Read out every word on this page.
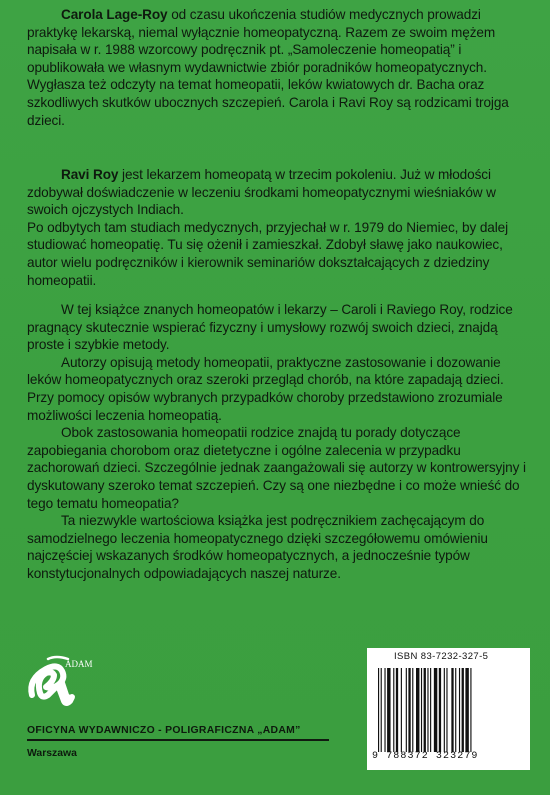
Carola Lage-Roy od czasu ukończenia studiów medycznych prowadzi praktykę lekarską, niemal wyłącznie homeopatyczną. Razem ze swoim mężem napisała w r. 1988 wzorcowy podręcznik pt. „Samoleczenie homeopatią” i opublikowała we własnym wydawnictwie zbiór poradników homeopatycznych. Wygłasza też odczyty na temat homeopatii, leków kwiatowych dr. Bacha oraz szkodliwych skutków ubocznych szczepień. Carola i Ravi Roy są rodzicami trojga dzieci.

Ravi Roy jest lekarzem homeopatą w trzecim pokoleniu. Już w młodości zdobywał doświadczenie w leczeniu środkami homeopatycznymi wieśniaków w swoich ojczystych Indiach.

Po odbytych tam studiach medycznych, przyjechał w r. 1979 do Niemiec, by dalej studiować homeopatię. Tu się ożenił i zamieszkał. Zdobył sławę jako naukowiec, autor wielu podręczników i kierownik seminariów dokształcających z dziedziny homeopatii.

W tej książce znanych homeopatów i lekarzy – Caroli i Raviego Roy, rodzice pragnący skutecznie wspierać fizyczny i umysłowy rozwój swoich dzieci, znajdą proste i szybkie metody.

Autorzy opisują metody homeopatii, praktyczne zastosowanie i dozowanie leków homeopatycznych oraz szeroki przegląd chorób, na które zapadają dzieci. Przy pomocy opisów wybranych przypadków choroby przedstawiono zrozumiale możliwości leczenia homeopatią.

Obok zastosowania homeopatii rodzice znajdą tu porady dotyczące zapobiegania chorobom oraz dietetyczne i ogólne zalecenia w przypadku zachorowań dzieci. Szczególnie jednak zaangażowali się autorzy w kontrowersyjny i dyskutowany szeroko temat szczepień. Czy są one niezbędne i co może wnieść do tego tematu homeopatia?

Ta niezwykle wartościowa książka jest podręcznikiem zachęcającym do samodzielnego leczenia homeopatycznego dzięki szczegółowemu omówieniu najczęściej wskazanych środków homeopatycznych, a jednocześnie typów konstytucjonalnych odpowiadających naszej naturze.

ADAM
OFICYNA WYDAWNICZO - POLIGRAFICZNA „ADAM”
Warszawa
ISBN 83-7232-327-5
9 788372 323279
